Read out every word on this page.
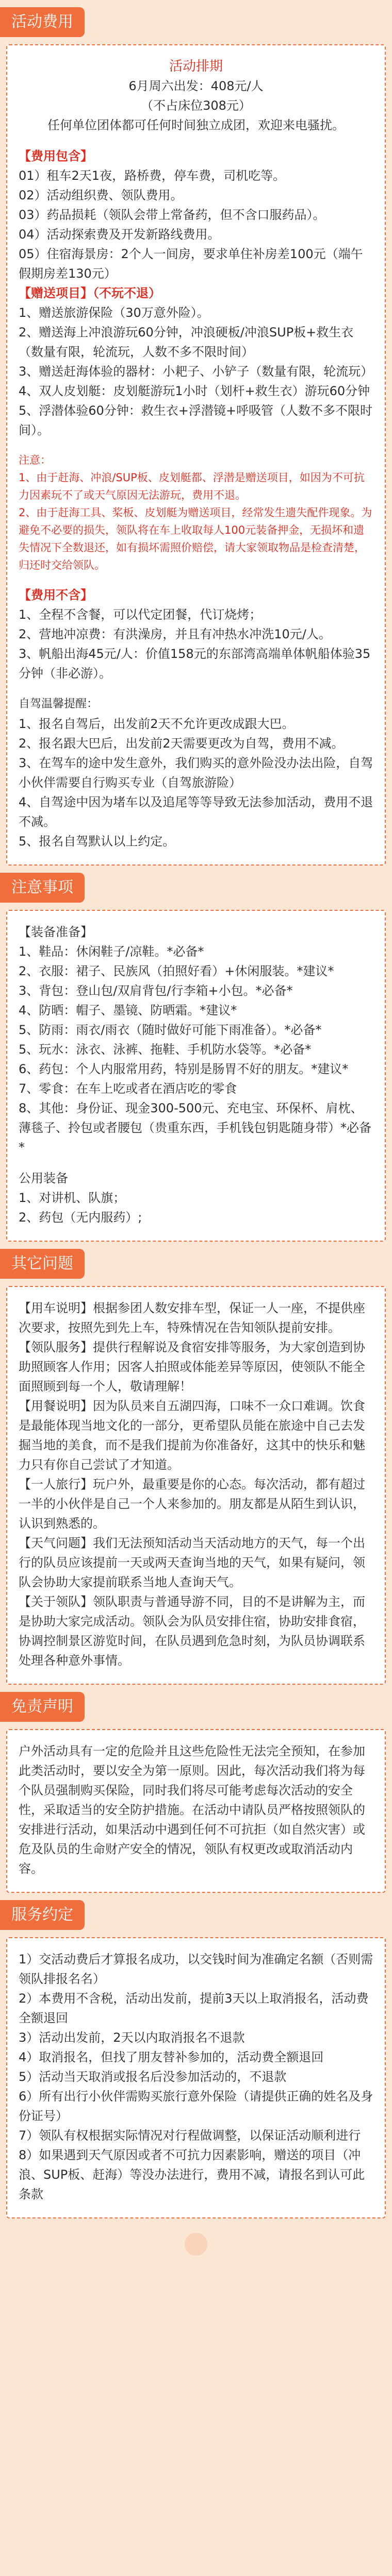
活动费用

活动排期

6月周六出发：408元/人

（不占床位308元）

任何单位团体都可任何时间独立成团，欢迎来电骚扰。

【费用包含】

01）租车2天1夜，路桥费，停车费，司机吃等。

02）活动组织费、领队费用。

03）药品损耗（领队会带上常备药，但不含口服药品）。

04）活动探索费及开发新路线费用。

05）住宿海景房：2个人一间房，要求单住补房差100元（端午假期房差130元）

【赠送项目】（不玩不退）

1、赠送旅游保险（30万意外险）。

2、赠送海上冲浪游玩60分钟，冲浪硬板/冲浪SUP板+救生衣（数量有限，轮流玩，人数不多不限时间）

3、赠送赶海体验的器材：小耙子、小铲子（数量有限，轮流玩）

4、双人皮划艇：皮划艇游玩1小时（划杆+救生衣）游玩60分钟

5、浮潜体验60分钟：救生衣+浮潜镜+呼吸管（人数不多不限时间）。

注意：

1、由于赶海、冲浪/SUP板、皮划艇都、浮潜是赠送项目，如因为不可抗力因素玩不了或天气原因无法游玩，费用不退。

2、由于赶海工具、桨板、皮划艇为赠送项目，经常发生遗失配件现象。为避免不必要的损失，领队将在车上收取每人100元装备押金，无损坏和遗失情况下全数退还，如有损坏需照价赔偿，请大家领取物品是检查清楚，归还时交给领队。

【费用不含】

1、全程不含餐，可以代定团餐，代订烧烤；

2、营地冲凉费：有洪澡房，并且有冲热水冲洗10元/人。

3、帆船出海45元/人：价值158元的东部湾高端单体帆船体验35分钟（非必游）。

自驾温馨提醒：

1、报名自驾后，出发前2天不允许更改成跟大巴。

2、报名跟大巴后，出发前2天需要更改为自驾，费用不减。

3、在驾车的途中发生意外，我们购买的意外险没办法出险，自驾小伙伴需要自行购买专业（自驾旅游险）

4、自驾途中因为堵车以及追尾等等导致无法参加活动，费用不退不减。

5、报名自驾默认以上约定。

注意事项

【装备准备】

1、鞋品：休闲鞋子/凉鞋。*必备*

2、衣服：裙子、民族风（拍照好看）+休闲服装。*建议*

3、背包：登山包/双肩背包/行李箱+小包。*必备*

4、防晒：帽子、墨镜、防晒霜。*建议*

5、防雨：雨衣/雨衣（随时做好可能下雨准备）。*必备*

5、玩水：泳衣、泳裤、拖鞋、手机防水袋等。*必备*

6、药包：个人内服常用药，特别是肠胃不好的朋友。*建议*

7、零食：在车上吃或者在酒店吃的零食

8、其他：身份证、现金300-500元、充电宝、环保杯、肩枕、薄毯子、拎包或者腰包（贵重东西，手机钱包钥匙随身带）*必备*

公用装备

1、对讲机、队旗；

2、药包（无内服药）;

其它问题

【用车说明】根据参团人数安排车型，保证一人一座，不提供座次要求，按照先到先上车，特殊情况在告知领队提前安排。

【领队服务】提供行程解说及食宿安排等服务，为大家创造到协助照顾客人作用；因客人拍照或体能差异等原因，使领队不能全面照顾到每一个人，敬请理解！

【用餐说明】因为队员来自五湖四海，口味不一众口难调。饮食是最能体现当地文化的一部分，更希望队员能在旅途中自己去发掘当地的美食，而不是我们提前为你准备好，这其中的快乐和魅力只有你自己尝试了才知道。

【一人旅行】玩户外，最重要是你的心态。每次活动，都有超过一半的小伙伴是自己一个人来参加的。朋友都是从陌生到认识，认识到熟悉的。

【天气问题】我们无法预知活动当天活动地方的天气，每一个出行的队员应该提前一天或两天查询当地的天气，如果有疑问，领队会协助大家提前联系当地人查询天气。

【关于领队】领队职责与普通导游不同，目的不是讲解为主，而是协助大家完成活动。领队会为队员安排住宿，协助安排食宿，协调控制景区游览时间，在队员遇到危急时刻，为队员协调联系处理各种意外事情。

免责声明

户外活动具有一定的危险并且这些危险性无法完全预知，在参加此类活动时，要以安全为第一原则。因此，每次活动我们将为每个队员强制购买保险，同时我们将尽可能考虑每次活动的安全性，采取适当的安全防护措施。在活动中请队员严格按照领队的安排进行活动，如果活动中遇到任何不可抗拒（如自然灾害）或危及队员的生命财产安全的情况，领队有权更改或取消活动内容。

服务约定

1）交活动费后才算报名成功，以交钱时间为准确定名额（否则需领队排报名名）

2）本费用不含税，活动出发前，提前3天以上取消报名，活动费全额退回

3）活动出发前，2天以内取消报名不退款

4）取消报名，但找了朋友替补参加的，活动费全额退回

5）活动当天取消或报名后没参加活动的，不退款

6）所有出行小伙伴需购买旅行意外保险（请提供正确的姓名及身份证号）

7）领队有权根据实际情况对行程做调整，以保证活动顺利进行

8）如果遇到天气原因或者不可抗力因素影响，赠送的项目（冲浪、SUP板、赶海）等没办法进行，费用不减，请报名到认可此条款
